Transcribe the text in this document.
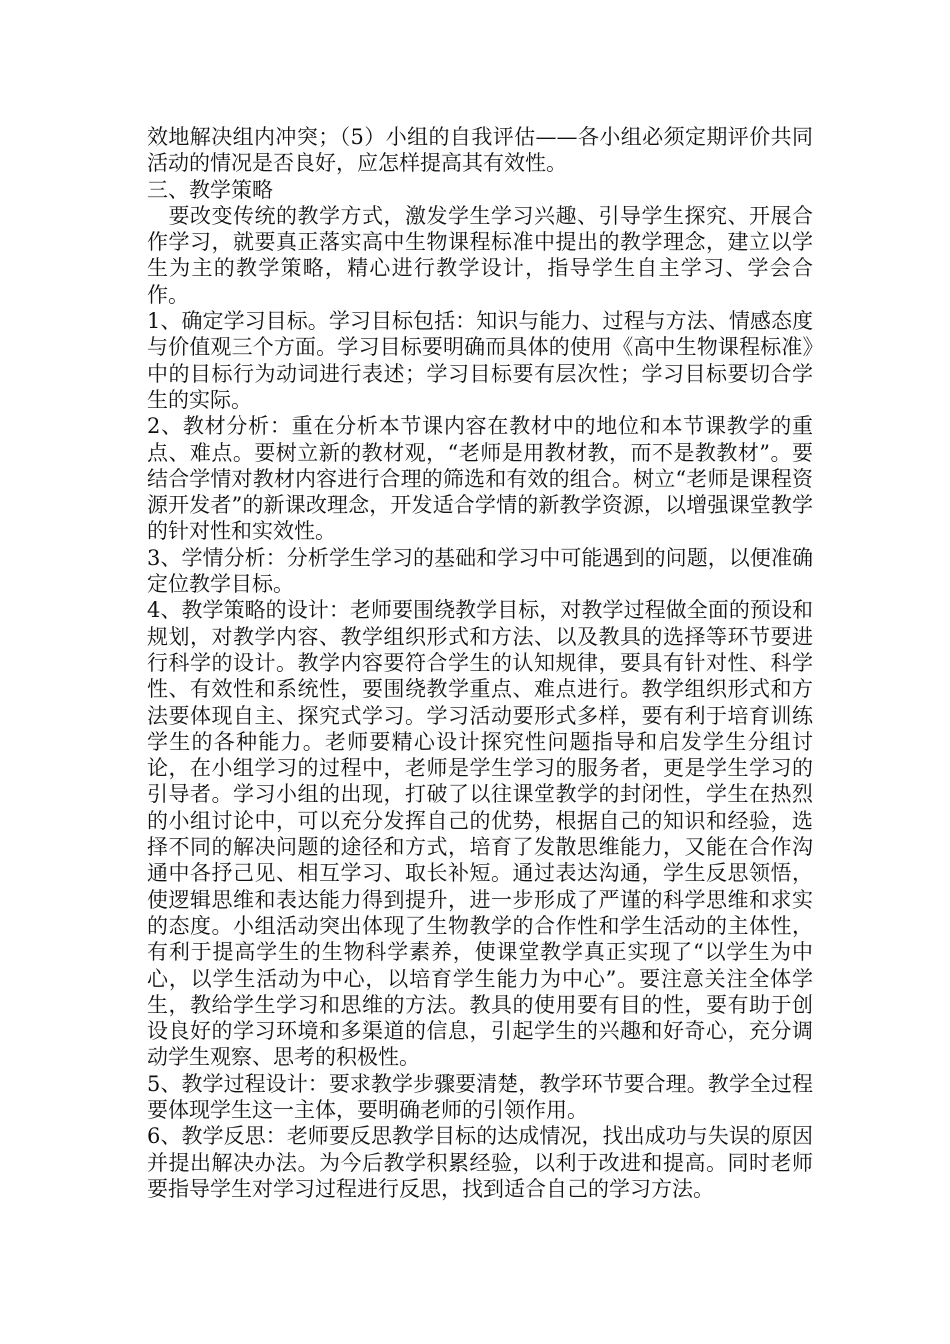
效地解决组内冲突；（5）小组的自我评估——各小组必须定期评价共同活动的情况是否良好，应怎样提高其有效性。

三、教学策略

　要改变传统的教学方式，激发学生学习兴趣、引导学生探究、开展合作学习，就要真正落实高中生物课程标准中提出的教学理念，建立以学生为主的教学策略，精心进行教学设计，指导学生自主学习、学会合作。

1、确定学习目标。学习目标包括：知识与能力、过程与方法、情感态度与价值观三个方面。学习目标要明确而具体的使用《高中生物课程标准》中的目标行为动词进行表述；学习目标要有层次性；学习目标要切合学生的实际。

2、教材分析：重在分析本节课内容在教材中的地位和本节课教学的重点、难点。要树立新的教材观，“老师是用教材教，而不是教教材”。要结合学情对教材内容进行合理的筛选和有效的组合。树立“老师是课程资源开发者”的新课改理念，开发适合学情的新教学资源，以增强课堂教学的针对性和实效性。

3、学情分析：分析学生学习的基础和学习中可能遇到的问题，以便准确定位教学目标。

4、教学策略的设计：老师要围绕教学目标，对教学过程做全面的预设和规划，对教学内容、教学组织形式和方法、以及教具的选择等环节要进行科学的设计。教学内容要符合学生的认知规律，要具有针对性、科学性、有效性和系统性，要围绕教学重点、难点进行。教学组织形式和方法要体现自主、探究式学习。学习活动要形式多样，要有利于培育训练学生的各种能力。老师要精心设计探究性问题指导和启发学生分组讨论，在小组学习的过程中，老师是学生学习的服务者，更是学生学习的引导者。学习小组的出现，打破了以往课堂教学的封闭性，学生在热烈的小组讨论中，可以充分发挥自己的优势，根据自己的知识和经验，选择不同的解决问题的途径和方式，培育了发散思维能力，又能在合作沟通中各抒己见、相互学习、取长补短。通过表达沟通，学生反思领悟，使逻辑思维和表达能力得到提升，进一步形成了严谨的科学思维和求实的态度。小组活动突出体现了生物教学的合作性和学生活动的主体性，有利于提高学生的生物科学素养，使课堂教学真正实现了“以学生为中心，以学生活动为中心，以培育学生能力为中心”。要注意关注全体学生，教给学生学习和思维的方法。教具的使用要有目的性，要有助于创设良好的学习环境和多渠道的信息，引起学生的兴趣和好奇心，充分调动学生观察、思考的积极性。

5、教学过程设计：要求教学步骤要清楚，教学环节要合理。教学全过程要体现学生这一主体，要明确老师的引领作用。

6、教学反思：老师要反思教学目标的达成情况，找出成功与失误的原因并提出解决办法。为今后教学积累经验，以利于改进和提高。同时老师要指导学生对学习过程进行反思，找到适合自己的学习方法。
